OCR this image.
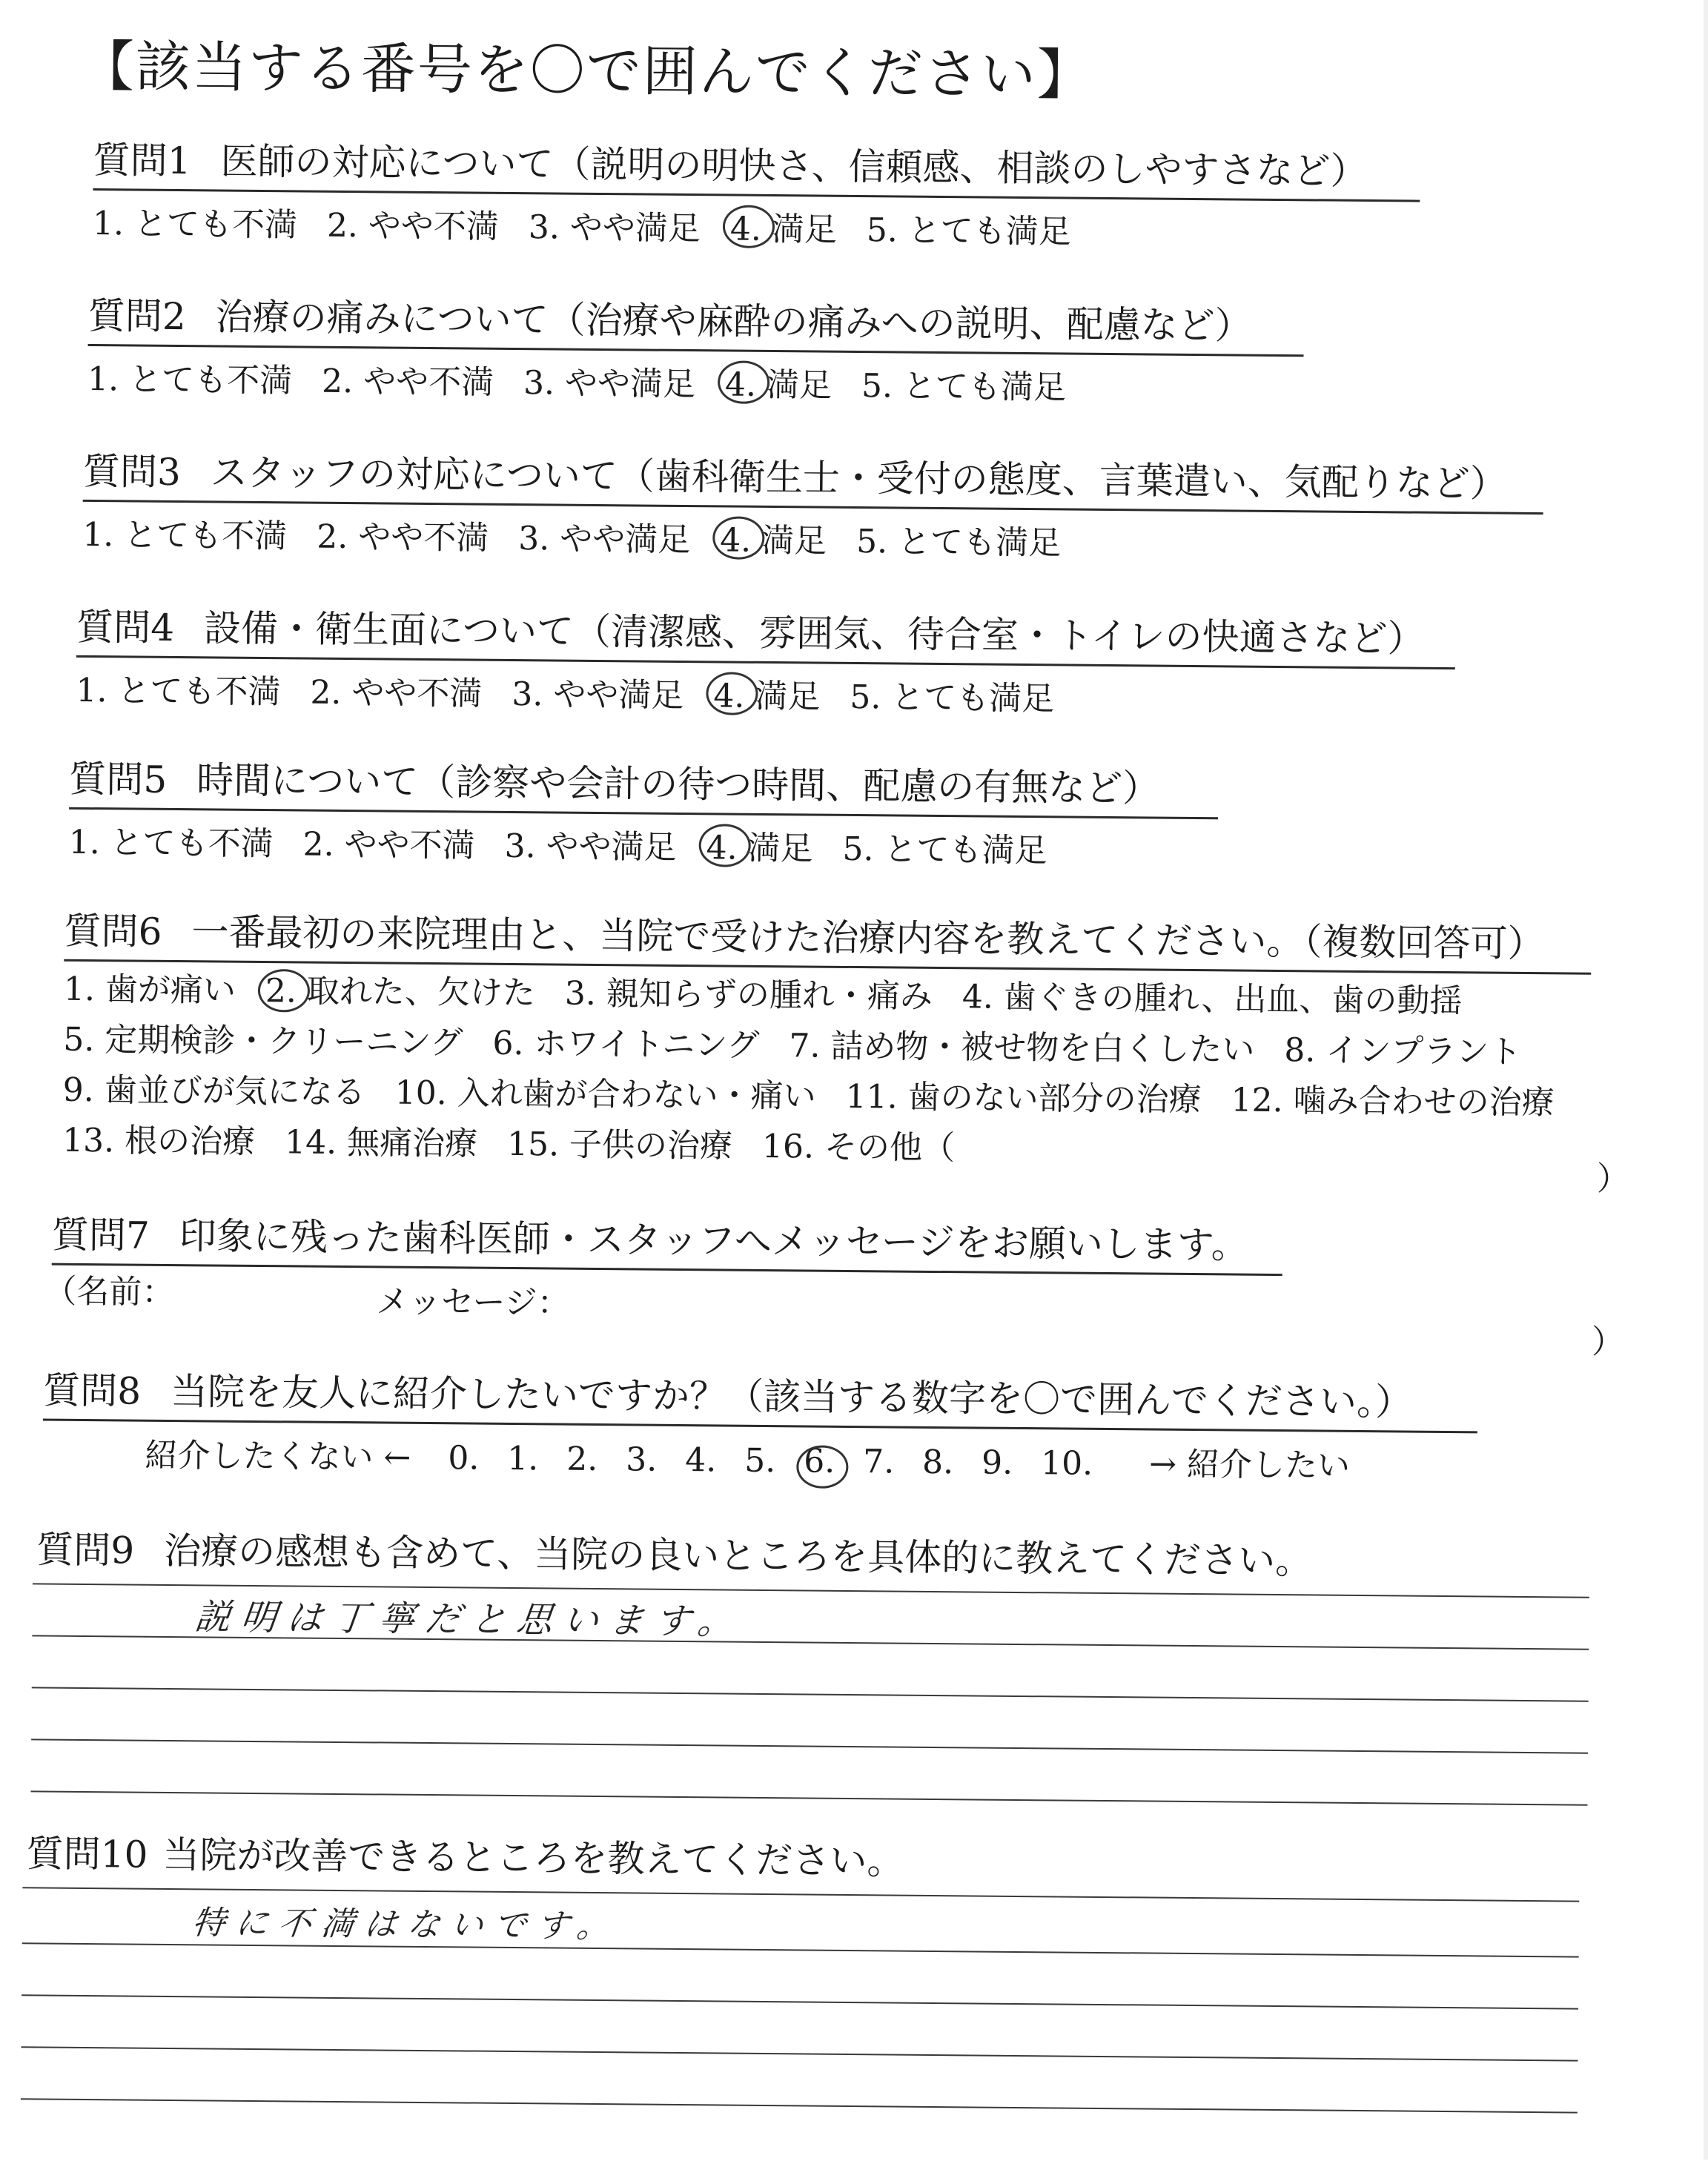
【該当する番号を〇で囲んでください】
質問1 医師の対応について（説明の明快さ、信頼感、相談のしやすさなど）
1. とても不満 2. やや不満 3. やや満足 4. 満足 5. とても満足
質問2 治療の痛みについて（治療や麻酔の痛みへの説明、配慮など）
1. とても不満 2. やや不満 3. やや満足 4. 満足 5. とても満足
質問3 スタッフの対応について（歯科衛生士・受付の態度、言葉遣い、気配りなど）
1. とても不満 2. やや不満 3. やや満足 4. 満足 5. とても満足
質問4 設備・衛生面について（清潔感、雰囲気、待合室・トイレの快適さなど）
1. とても不満 2. やや不満 3. やや満足 4. 満足 5. とても満足
質問5 時間について（診察や会計の待つ時間、配慮の有無など）
1. とても不満 2. やや不満 3. やや満足 4. 満足 5. とても満足
質問6 一番最初の来院理由と、当院で受けた治療内容を教えてください。（複数回答可）
1. 歯が痛い 2. 取れた、欠けた 3. 親知らずの腫れ・痛み 4. 歯ぐきの腫れ、出血、歯の動揺
5. 定期検診・クリーニング 6. ホワイトニング 7. 詰め物・被せ物を白くしたい 8. インプラント
9. 歯並びが気になる 10. 入れ歯が合わない・痛い 11. 歯のない部分の治療 12. 噛み合わせの治療
13. 根の治療 14. 無痛治療 15. 子供の治療 16. その他（
）
質問7 印象に残った歯科医師・スタッフへメッセージをお願いします。
（名前：	メッセージ：
）
質問8 当院を友人に紹介したいですか？（該当する数字を〇で囲んでください。）
紹介したくない ← 0. 1. 2. 3. 4. 5. 6. 7. 8. 9. 10. → 紹介したい
質問9 治療の感想も含めて、当院の良いところを具体的に教えてください。
説明は丁寧だと思います。
質問10 当院が改善できるところを教えてください。
特に不満はないです。
